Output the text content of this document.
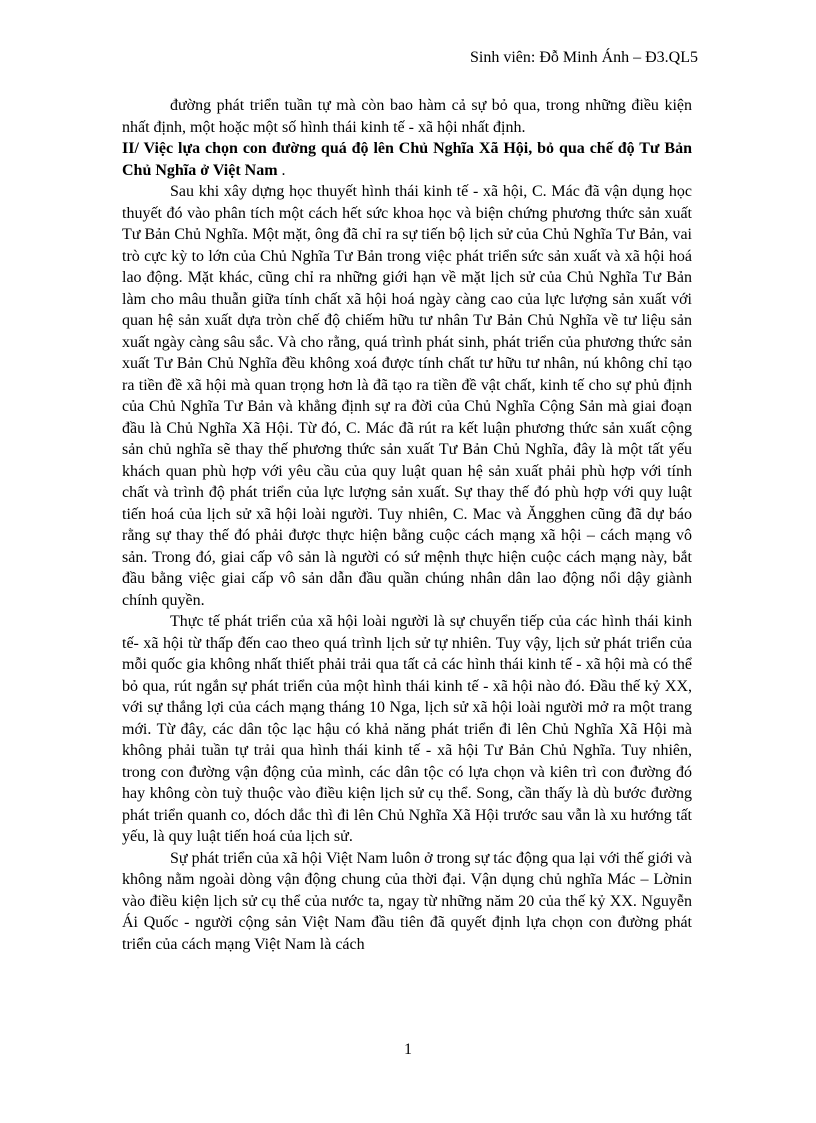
Sinh viên: Đỗ Minh Ánh – Đ3.QL5

đường phát triển tuần tự mà còn bao hàm cả sự bỏ qua, trong những điều kiện nhất định, một hoặc một số hình thái kinh tế - xã hội nhất định.

II/ Việc lựa chọn con đường quá độ lên Chủ Nghĩa Xã Hội, bỏ qua chế độ Tư Bản Chủ Nghĩa ở Việt Nam .

Sau khi xây dựng học thuyết hình thái kinh tế - xã hội, C. Mác đã vận dụng học thuyết đó vào phân tích một cách hết sức khoa học và biện chứng phương thức sản xuất Tư Bản Chủ Nghĩa. Một mặt, ông đã chỉ ra sự tiến bộ lịch sử của Chủ Nghĩa Tư Bản, vai trò cực kỳ to lớn của Chủ Nghĩa Tư Bản trong việc phát triển sức sản xuất và xã hội hoá lao động. Mặt khác, cũng chỉ ra những giới hạn về mặt lịch sử của Chủ Nghĩa Tư Bản làm cho mâu thuẫn giữa tính chất xã hội hoá ngày càng cao của lực lượng sản xuất với quan hệ sản xuất dựa tròn chế độ chiếm hữu tư nhân Tư Bản Chủ Nghĩa về tư liệu sản xuất ngày càng sâu sắc. Và cho rằng, quá trình phát sinh, phát triển của phương thức sản xuất Tư Bản Chủ Nghĩa đều không xoá được tính chất tư hữu tư nhân, nú không chỉ tạo ra tiền đề xã hội mà quan trọng hơn là đã tạo ra tiền đề vật chất, kinh tế cho sự phủ định của Chủ Nghĩa Tư Bản và khẳng định sự ra đời của Chủ Nghĩa Cộng Sản mà giai đoạn đầu là Chủ Nghĩa Xã Hội. Từ đó, C. Mác đã rút ra kết luận phương thức sản xuất cộng sản chủ nghĩa sẽ thay thế phương thức sản xuất Tư Bản Chủ Nghĩa, đây là một tất yếu khách quan phù hợp với yêu cầu của quy luật quan hệ sản xuất phải phù hợp với tính chất và trình độ phát triển của lực lượng sản xuất. Sự thay thế đó phù hợp với quy luật tiến hoá của lịch sử xã hội loài người. Tuy nhiên, C. Mac và Ăngghen cũng đã dự báo rằng sự thay thế đó phải được thực hiện bằng cuộc cách mạng xã hội – cách mạng vô sản. Trong đó, giai cấp vô sản là người có sứ mệnh thực hiện cuộc cách mạng này, bắt đầu bằng việc giai cấp vô sản dẫn đầu quần chúng nhân dân lao động nổi dậy giành chính quyền.

Thực tế phát triển của xã hội loài người là sự chuyển tiếp của các hình thái kinh tế- xã hội từ thấp đến cao theo quá trình lịch sử tự nhiên. Tuy vậy, lịch sử phát triển của mỗi quốc gia không nhất thiết phải trải qua tất cả các hình thái kinh tế - xã hội mà có thể bỏ qua, rút ngắn sự phát triển của một hình thái kinh tế - xã hội nào đó. Đầu thế kỷ XX, với sự thắng lợi của cách mạng tháng 10 Nga, lịch sử xã hội loài người mở ra một trang mới. Từ đây, các dân tộc lạc hậu có khả năng phát triển đi lên Chủ Nghĩa Xã Hội mà không phải tuần tự trải qua hình thái kinh tế - xã hội Tư Bản Chủ Nghĩa. Tuy nhiên, trong con đường vận động của mình, các dân tộc có lựa chọn và kiên trì con đường đó hay không còn tuỳ thuộc vào điều kiện lịch sử cụ thể. Song, cần thấy là dù bước đường phát triển quanh co, dóch dắc thì đi lên Chủ Nghĩa Xã Hội trước sau vẫn là xu hướng tất yếu, là quy luật tiến hoá của lịch sử.

Sự phát triển của xã hội Việt Nam luôn ở trong sự tác động qua lại với thế giới và không nằm ngoài dòng vận động chung của thời đại. Vận dụng chủ nghĩa Mác – Lờnin vào điều kiện lịch sử cụ thể của nước ta, ngay từ những năm 20 của thế kỷ XX. Nguyễn Ái Quốc - người cộng sản Việt Nam đầu tiên đã quyết định lựa chọn con đường phát triển của cách mạng Việt Nam là cách

1
